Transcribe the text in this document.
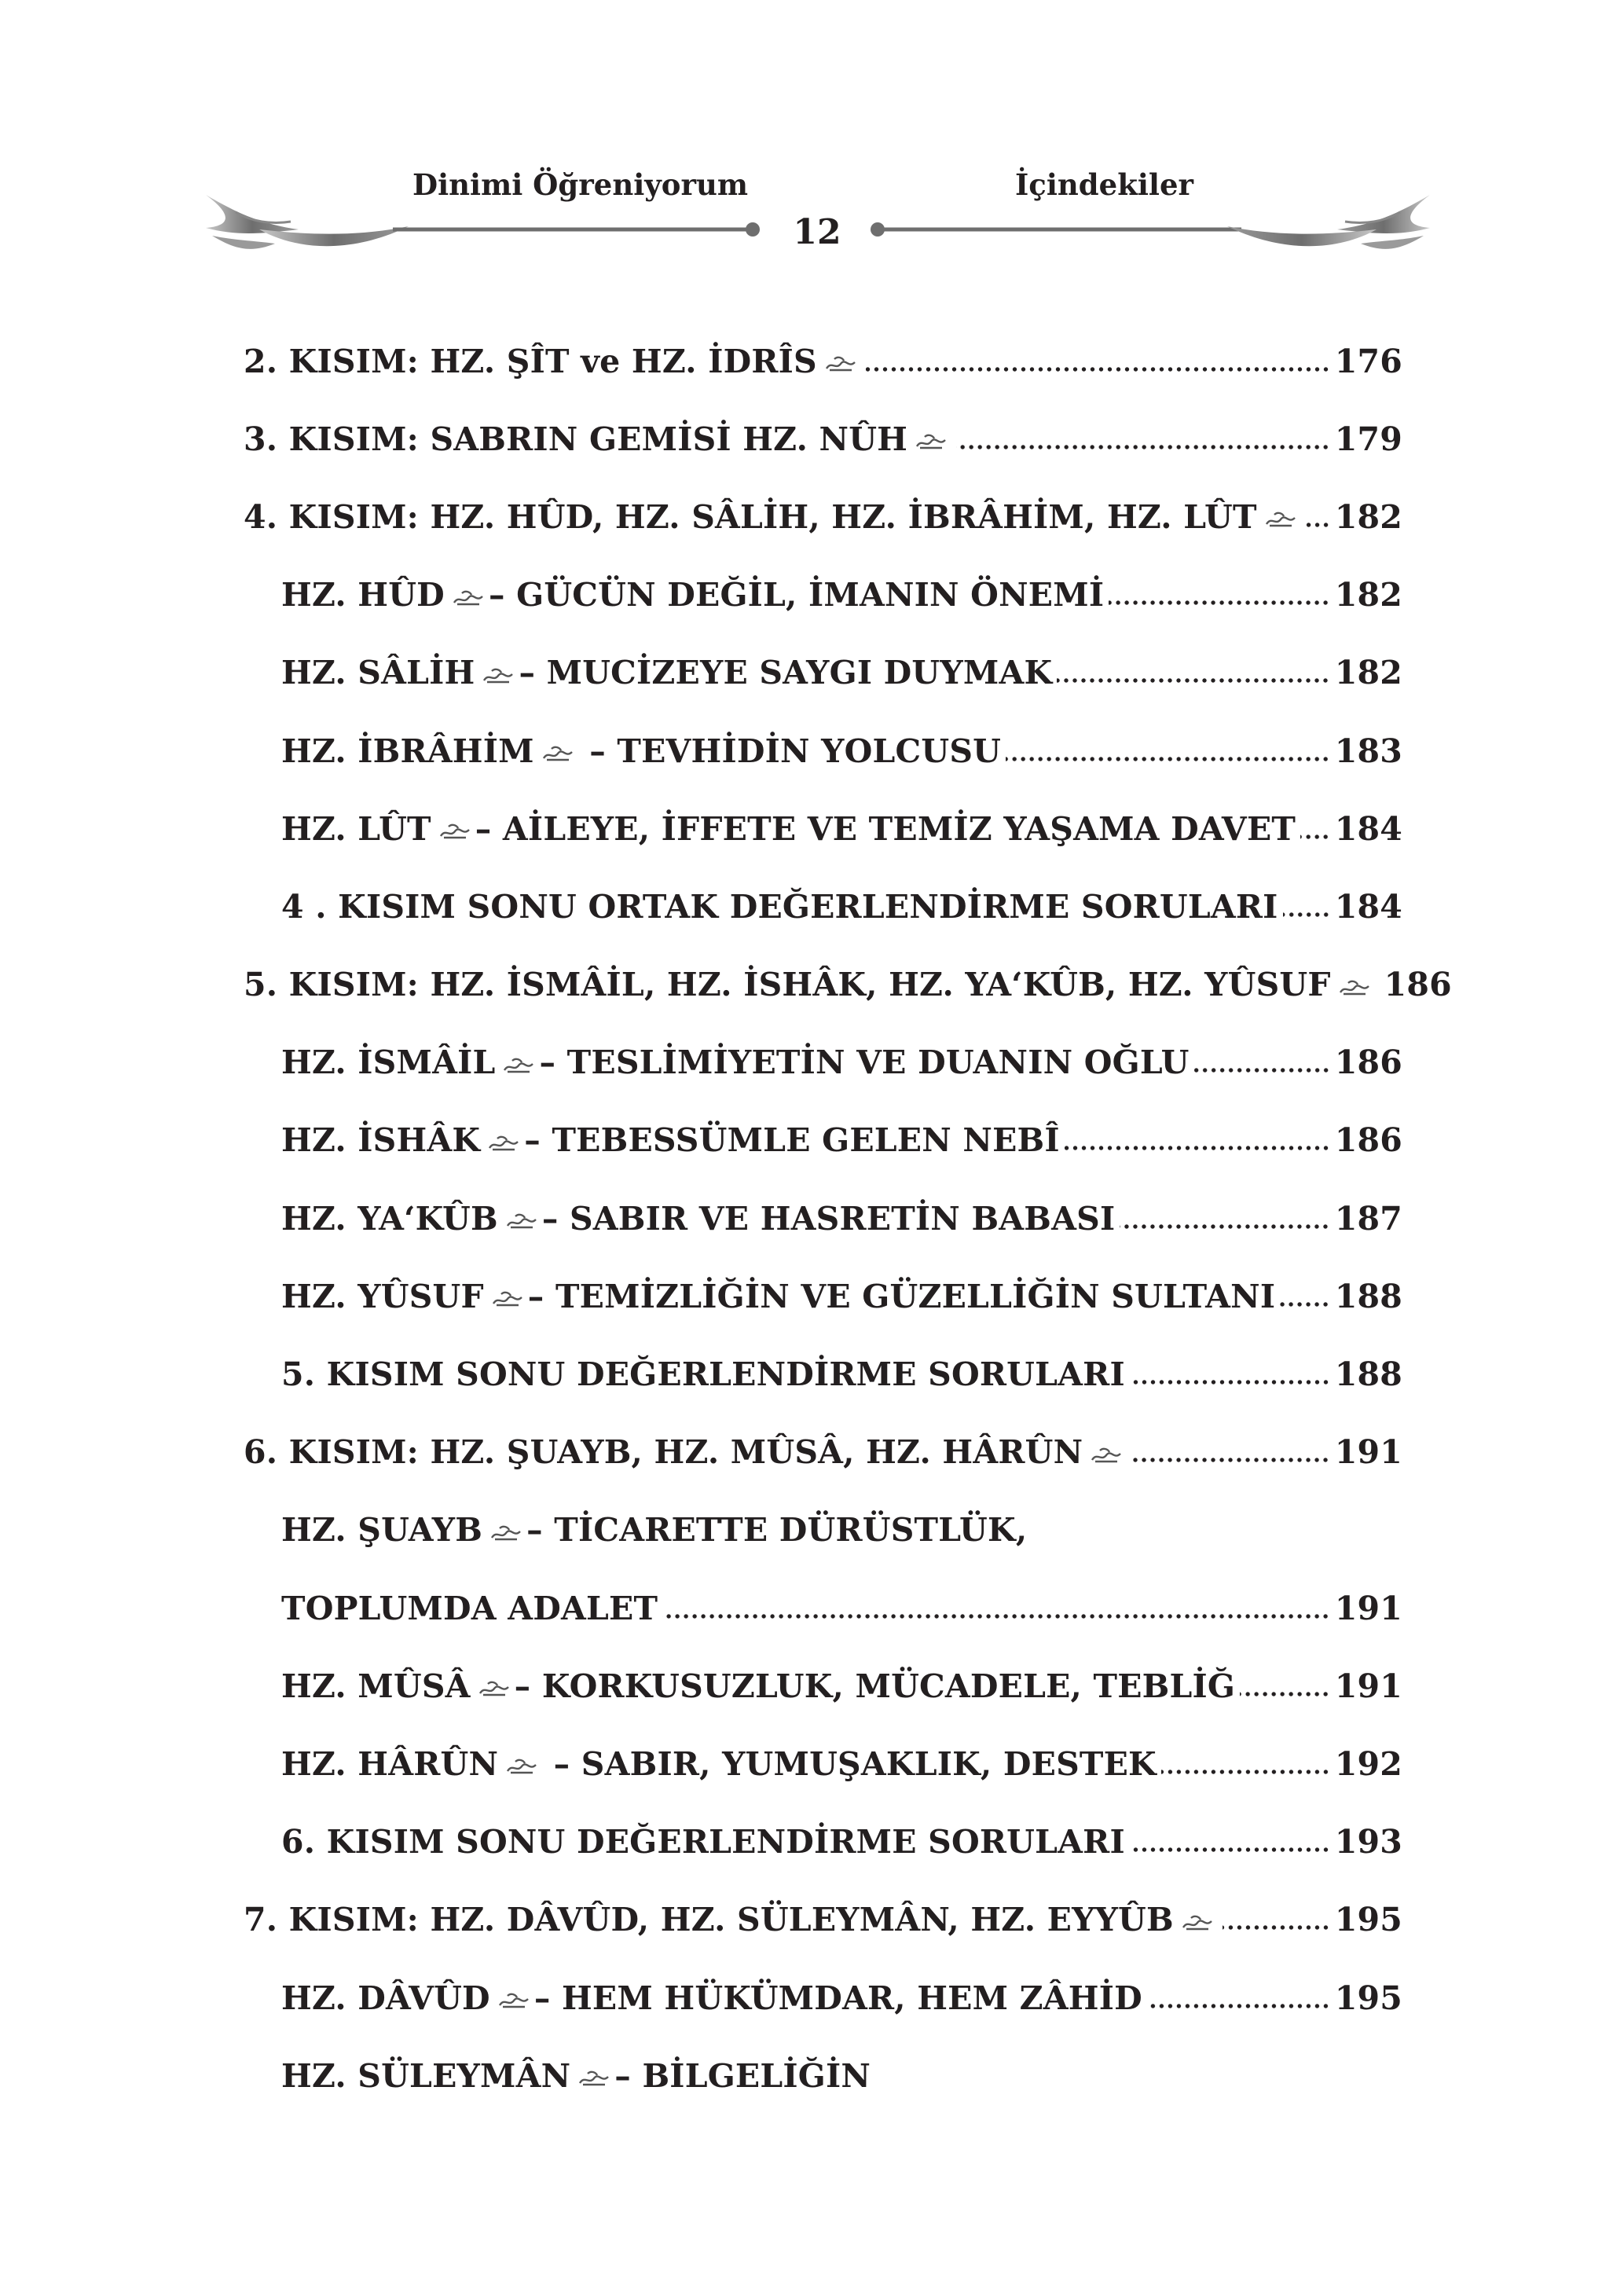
Dinimi Öğreniyorum	İçindekiler
12
2. KISIM: HZ. ŞÎT ve HZ. İDRÎS	176
3. KISIM: SABRIN GEMİSİ HZ. NÛH	179
4. KISIM: HZ. HÛD, HZ. SÂLİH, HZ. İBRÂHİM, HZ. LÛT	182
HZ. HÛD – GÜCÜN DEĞİL, İMANIN ÖNEMİ	182
HZ. SÂLİH – MUCİZEYE SAYGI DUYMAK	182
HZ. İBRÂHİM – TEVHİDİN YOLCUSU	183
HZ. LÛT – AİLEYE, İFFETE VE TEMİZ YAŞAMA DAVET 184
4 . KISIM SONU ORTAK DEĞERLENDİRME SORULARI 184
5. KISIM: HZ. İSMÂİL, HZ. İSHÂK, HZ. YA‘KÛB, HZ. YÛSUF	186
HZ. İSMÂİL – TESLİMİYETİN VE DUANIN OĞLU	186
HZ. İSHÂK – TEBESSÜMLE GELEN NEBÎ	186
HZ. YA‘KÛB – SABIR VE HASRETİN BABASI	187
HZ. YÛSUF – TEMİZLİĞİN VE GÜZELLİĞİN SULTANI 188
5. KISIM SONU DEĞERLENDİRME SORULARI	188
6. KISIM: HZ. ŞUAYB, HZ. MÛSÂ, HZ. HÂRÛN	191
HZ. ŞUAYB – TİCARETTE DÜRÜSTLÜK,
TOPLUMDA ADALET	191
HZ. MÛSÂ – KORKUSUZLUK, MÜCADELE, TEBLİĞ	191
HZ. HÂRÛN – SABIR, YUMUŞAKLIK, DESTEK	192
6. KISIM SONU DEĞERLENDİRME SORULARI	193
7. KISIM: HZ. DÂVÛD, HZ. SÜLEYMÂN, HZ. EYYÛB	195
HZ. DÂVÛD – HEM HÜKÜMDAR, HEM ZÂHİD	195
HZ. SÜLEYMÂN – BİLGELİĞİN
